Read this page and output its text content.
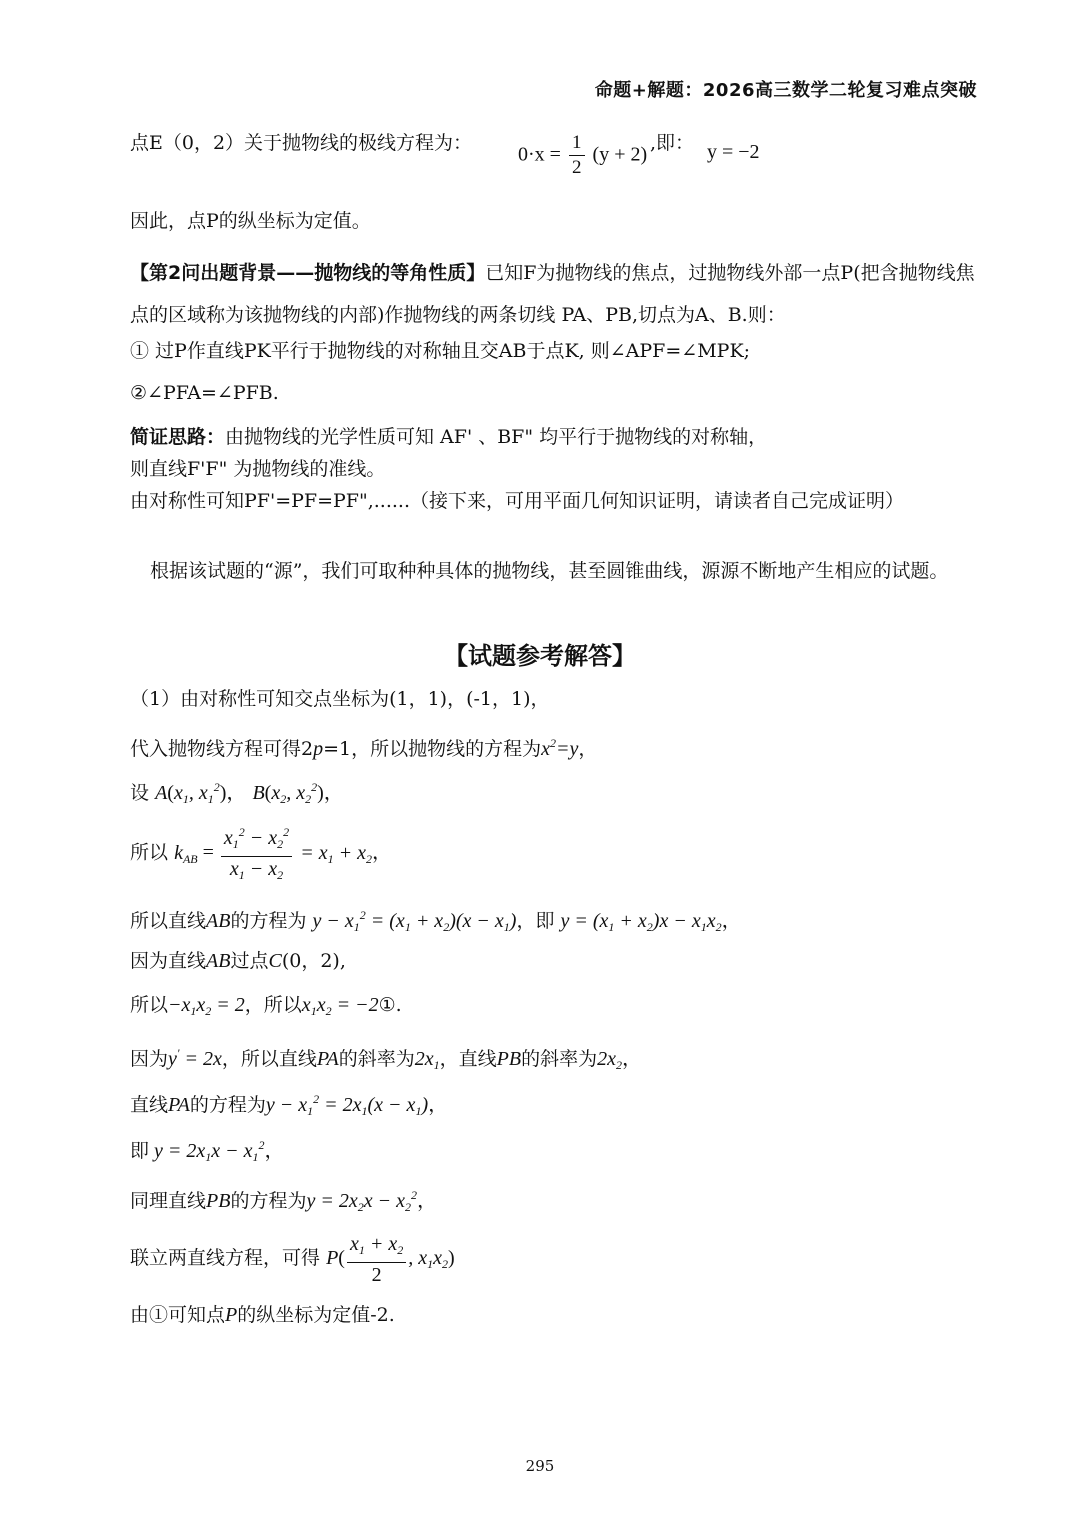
命题+解题：2026高三数学二轮复习难点突破
点E（0，2）关于抛物线的极线方程为：
$0\cdot x = \frac{1}{2} (y + 2)$
,即： y = −2
因此，点P的纵坐标为定值。
【第2问出题背景——抛物线的等角性质】已知F为抛物线的焦点，过抛物线外部一点P(把含抛物线焦点的区域称为该抛物线的内部)作抛物线的两条切线 PA、PB,切点为A、B.则：
① 过P作直线PK平行于抛物线的对称轴且交AB于点K, 则∠APF=∠MPK;
②∠PFA=∠PFB.
简证思路：由抛物线的光学性质可知 AF' 、BF" 均平行于抛物线的对称轴，
则直线F'F" 为抛物线的准线。
由对称性可知PF'=PF=PF",......（接下来，可用平面几何知识证明，请读者自己完成证明）
根据该试题的“源”，我们可取种种具体的抛物线，甚至圆锥曲线，源源不断地产生相应的试题。
【试题参考解答】
（1）由对称性可知交点坐标为(1，1)，(-1，1)，
代入抛物线方程可得2p=1，所以抛物线的方程为$x^2=y$，
设 $A(x_1$, $x_1^2$)， $B(x_2$, $x_2^2$)，
所以 $k_{AB} = \frac{x_1^2 - x_2^2}{x_1 - x_2} = x_1 + x_2$，
所以直线AB的方程为 $y - x_1^2 = (x_1 + x_2)(x - x_1)$，即 $y = (x_1 + x_2)x - x_1x_2$，
因为直线AB过点C(0，2),
所以$-x_1x_2 = 2$，所以$x_1x_2$ = −2①.
因为y' = 2x，所以直线PA的斜率为$2x_1$，直线PB的斜率为$2x_2$，
直线PA的方程为$y - x_1^2 = 2x_1(x - x_1)$，
即 $y = 2x_1x - x_1^2$，
同理直线PB的方程为$y = 2x_2x - x_2^2$，
联立两直线方程，可得 $P( \frac{x_1 + x_2}{2}$ , $x_1x_2$)
由①可知点P的纵坐标为定值-2.
295
